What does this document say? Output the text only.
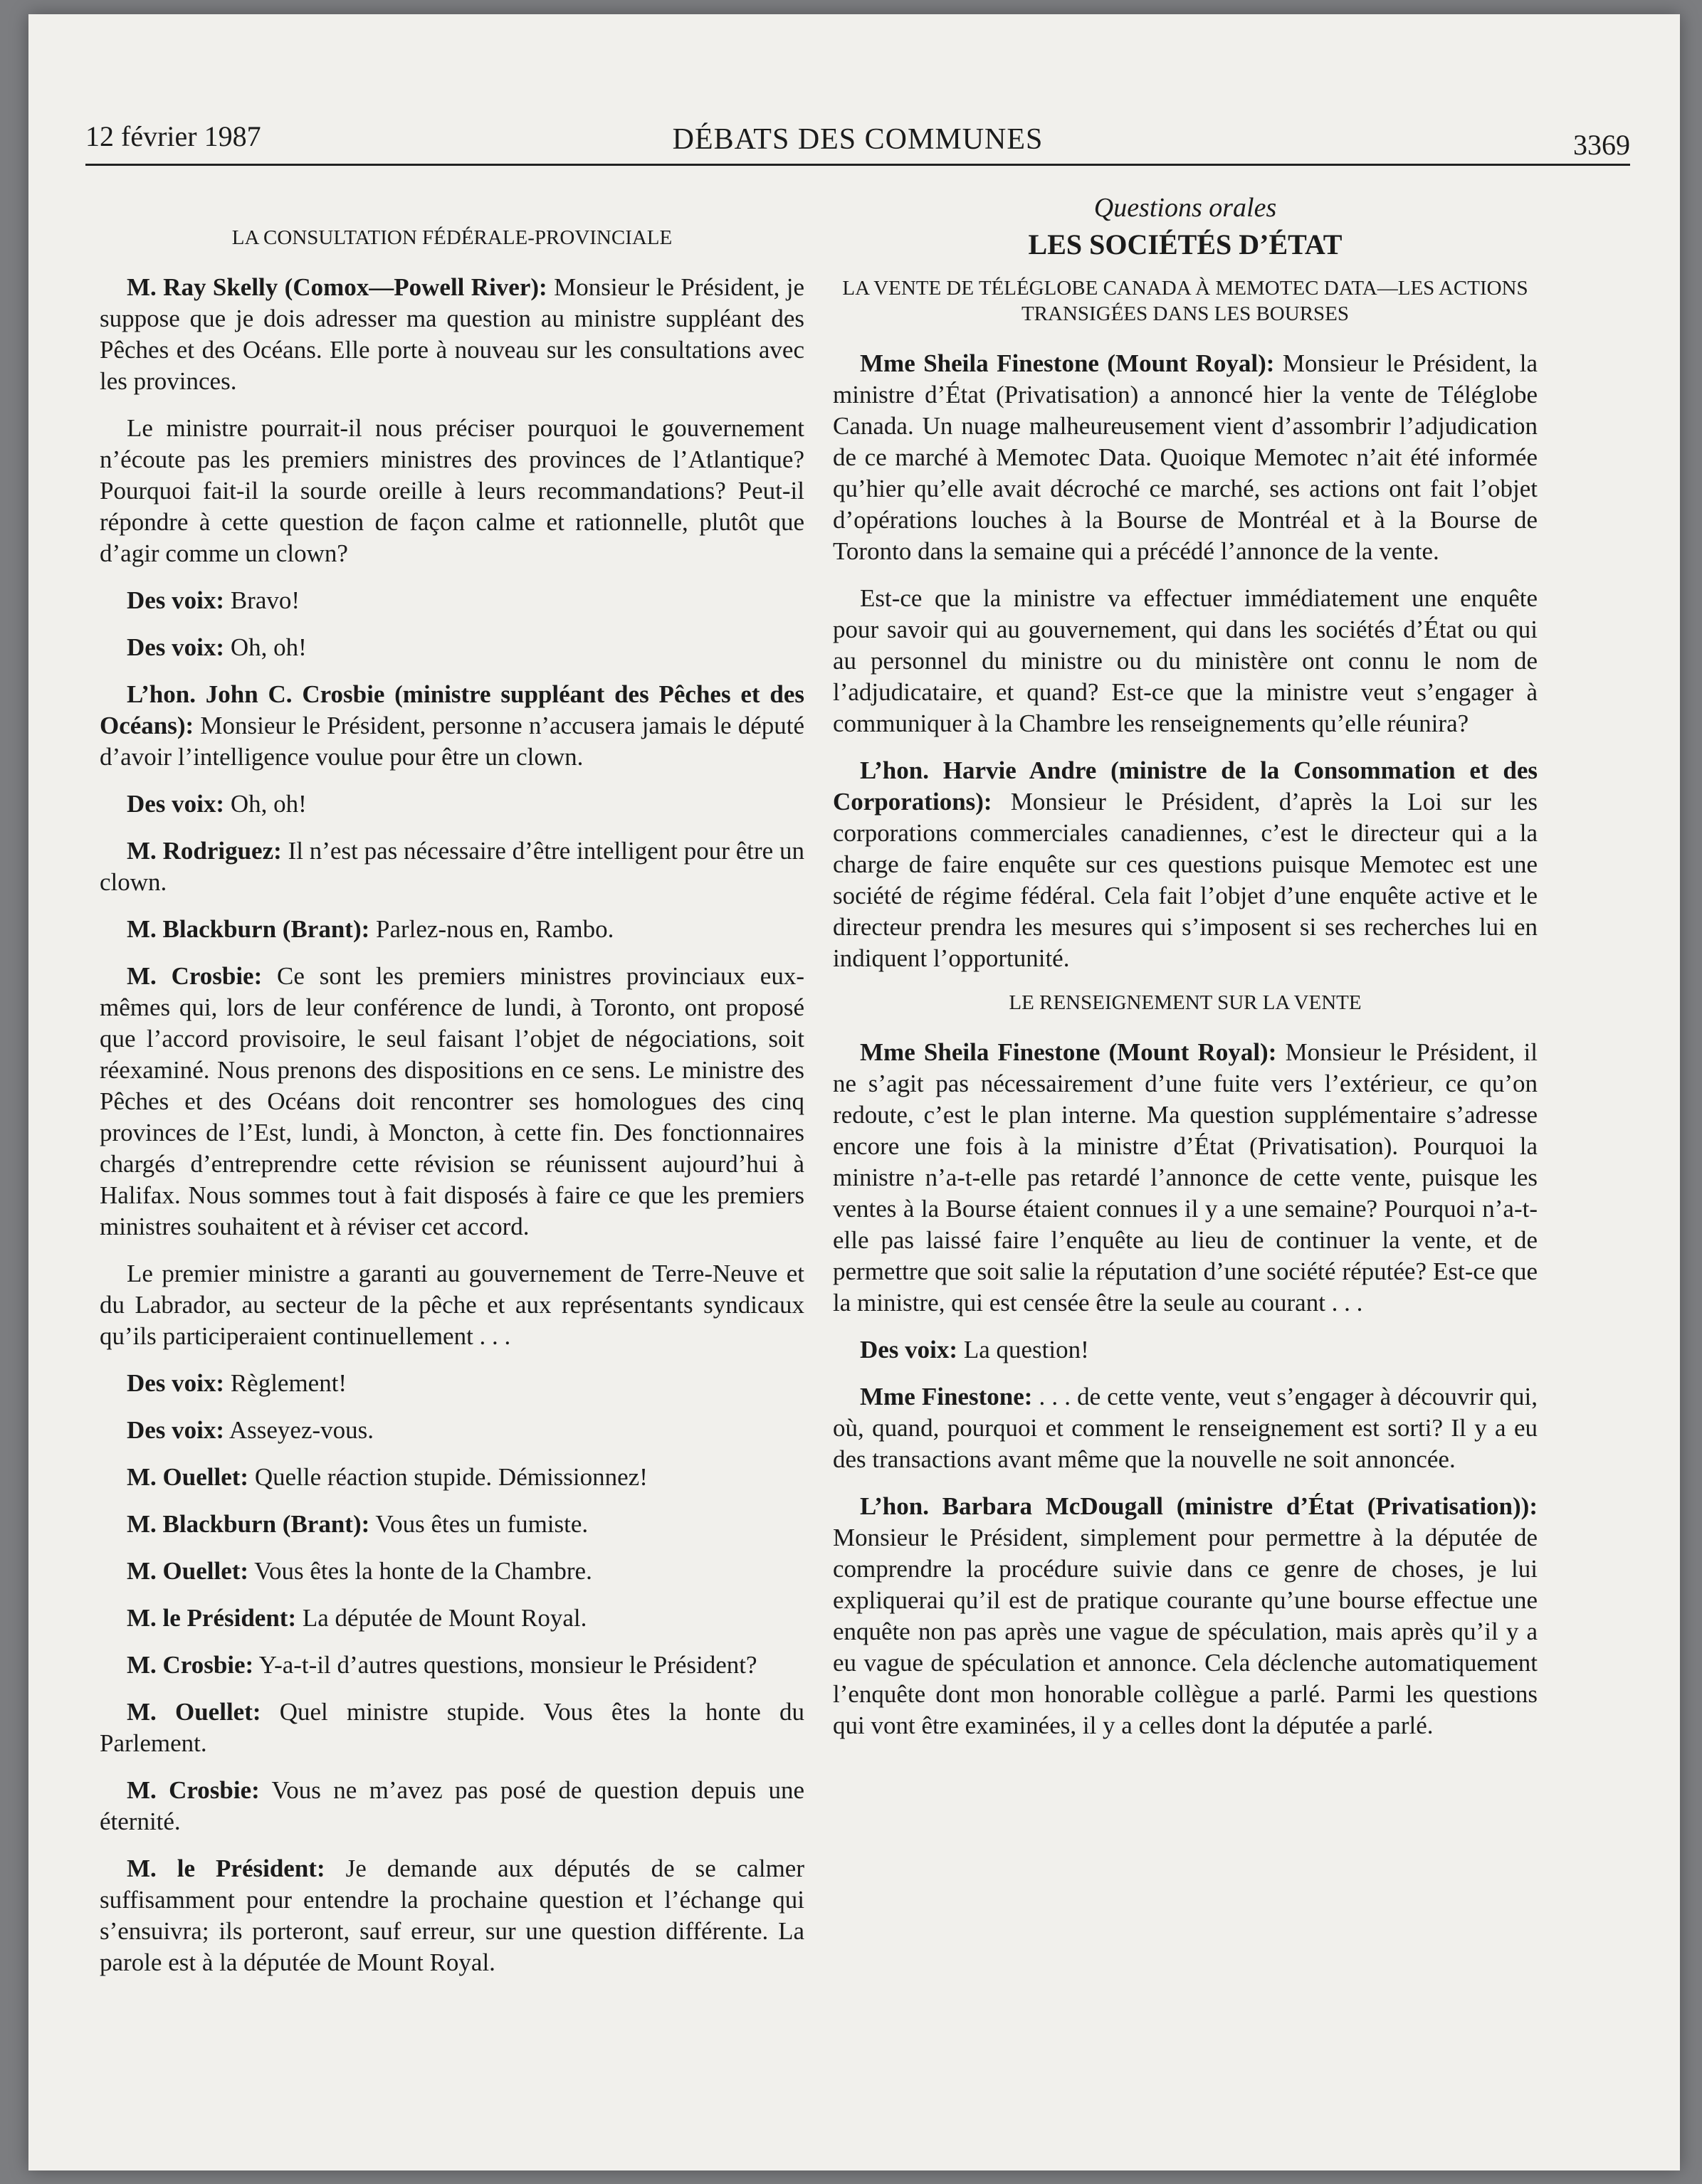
12 février 1987	DÉBATS DES COMMUNES	3369
LA CONSULTATION FÉDÉRALE-PROVINCIALE

M. Ray Skelly (Comox—Powell River): Monsieur le Président, je suppose que je dois adresser ma question au ministre suppléant des Pêches et des Océans. Elle porte à nouveau sur les consultations avec les provinces.

Le ministre pourrait-il nous préciser pourquoi le gouvernement n’écoute pas les premiers ministres des provinces de l’Atlantique? Pourquoi fait-il la sourde oreille à leurs recommandations? Peut-il répondre à cette question de façon calme et rationnelle, plutôt que d’agir comme un clown?

Des voix: Bravo!

Des voix: Oh, oh!

L’hon. John C. Crosbie (ministre suppléant des Pêches et des Océans): Monsieur le Président, personne n’accusera jamais le député d’avoir l’intelligence voulue pour être un clown.

Des voix: Oh, oh!

M. Rodriguez: Il n’est pas nécessaire d’être intelligent pour être un clown.

M. Blackburn (Brant): Parlez-nous en, Rambo.

M. Crosbie: Ce sont les premiers ministres provinciaux eux-mêmes qui, lors de leur conférence de lundi, à Toronto, ont proposé que l’accord provisoire, le seul faisant l’objet de négociations, soit réexaminé. Nous prenons des dispositions en ce sens. Le ministre des Pêches et des Océans doit rencontrer ses homologues des cinq provinces de l’Est, lundi, à Moncton, à cette fin. Des fonctionnaires chargés d’entreprendre cette révision se réunissent aujourd’hui à Halifax. Nous sommes tout à fait disposés à faire ce que les premiers ministres souhaitent et à réviser cet accord.

Le premier ministre a garanti au gouvernement de Terre-Neuve et du Labrador, au secteur de la pêche et aux représentants syndicaux qu’ils participeraient continuellement . . .

Des voix: Règlement!

Des voix: Asseyez-vous.

M. Ouellet: Quelle réaction stupide. Démissionnez!

M. Blackburn (Brant): Vous êtes un fumiste.

M. Ouellet: Vous êtes la honte de la Chambre.

M. le Président: La députée de Mount Royal.

M. Crosbie: Y-a-t-il d’autres questions, monsieur le Président?

M. Ouellet: Quel ministre stupide. Vous êtes la honte du Parlement.

M. Crosbie: Vous ne m’avez pas posé de question depuis une éternité.

M. le Président: Je demande aux députés de se calmer suffisamment pour entendre la prochaine question et l’échange qui s’ensuivra; ils porteront, sauf erreur, sur une question différente. La parole est à la députée de Mount Royal.

Questions orales
LES SOCIÉTÉS D’ÉTAT
LA VENTE DE TÉLÉGLOBE CANADA À MEMOTEC DATA—LES ACTIONS TRANSIGÉES DANS LES BOURSES

Mme Sheila Finestone (Mount Royal): Monsieur le Président, la ministre d’État (Privatisation) a annoncé hier la vente de Téléglobe Canada. Un nuage malheureusement vient d’assombrir l’adjudication de ce marché à Memotec Data. Quoique Memotec n’ait été informée qu’hier qu’elle avait décroché ce marché, ses actions ont fait l’objet d’opérations louches à la Bourse de Montréal et à la Bourse de Toronto dans la semaine qui a précédé l’annonce de la vente.

Est-ce que la ministre va effectuer immédiatement une enquête pour savoir qui au gouvernement, qui dans les sociétés d’État ou qui au personnel du ministre ou du ministère ont connu le nom de l’adjudicataire, et quand? Est-ce que la ministre veut s’engager à communiquer à la Chambre les renseignements qu’elle réunira?

L’hon. Harvie Andre (ministre de la Consommation et des Corporations): Monsieur le Président, d’après la Loi sur les corporations commerciales canadiennes, c’est le directeur qui a la charge de faire enquête sur ces questions puisque Memotec est une société de régime fédéral. Cela fait l’objet d’une enquête active et le directeur prendra les mesures qui s’imposent si ses recherches lui en indiquent l’opportunité.

LE RENSEIGNEMENT SUR LA VENTE

Mme Sheila Finestone (Mount Royal): Monsieur le Président, il ne s’agit pas nécessairement d’une fuite vers l’extérieur, ce qu’on redoute, c’est le plan interne. Ma question supplémentaire s’adresse encore une fois à la ministre d’État (Privatisation). Pourquoi la ministre n’a-t-elle pas retardé l’annonce de cette vente, puisque les ventes à la Bourse étaient connues il y a une semaine? Pourquoi n’a-t-elle pas laissé faire l’enquête au lieu de continuer la vente, et de permettre que soit salie la réputation d’une société réputée? Est-ce que la ministre, qui est censée être la seule au courant . . .

Des voix: La question!

Mme Finestone: . . . de cette vente, veut s’engager à découvrir qui, où, quand, pourquoi et comment le renseignement est sorti? Il y a eu des transactions avant même que la nouvelle ne soit annoncée.

L’hon. Barbara McDougall (ministre d’État (Privatisation)): Monsieur le Président, simplement pour permettre à la députée de comprendre la procédure suivie dans ce genre de choses, je lui expliquerai qu’il est de pratique courante qu’une bourse effectue une enquête non pas après une vague de spéculation, mais après qu’il y a eu vague de spéculation et annonce. Cela déclenche automatiquement l’enquête dont mon honorable collègue a parlé. Parmi les questions qui vont être examinées, il y a celles dont la députée a parlé.
